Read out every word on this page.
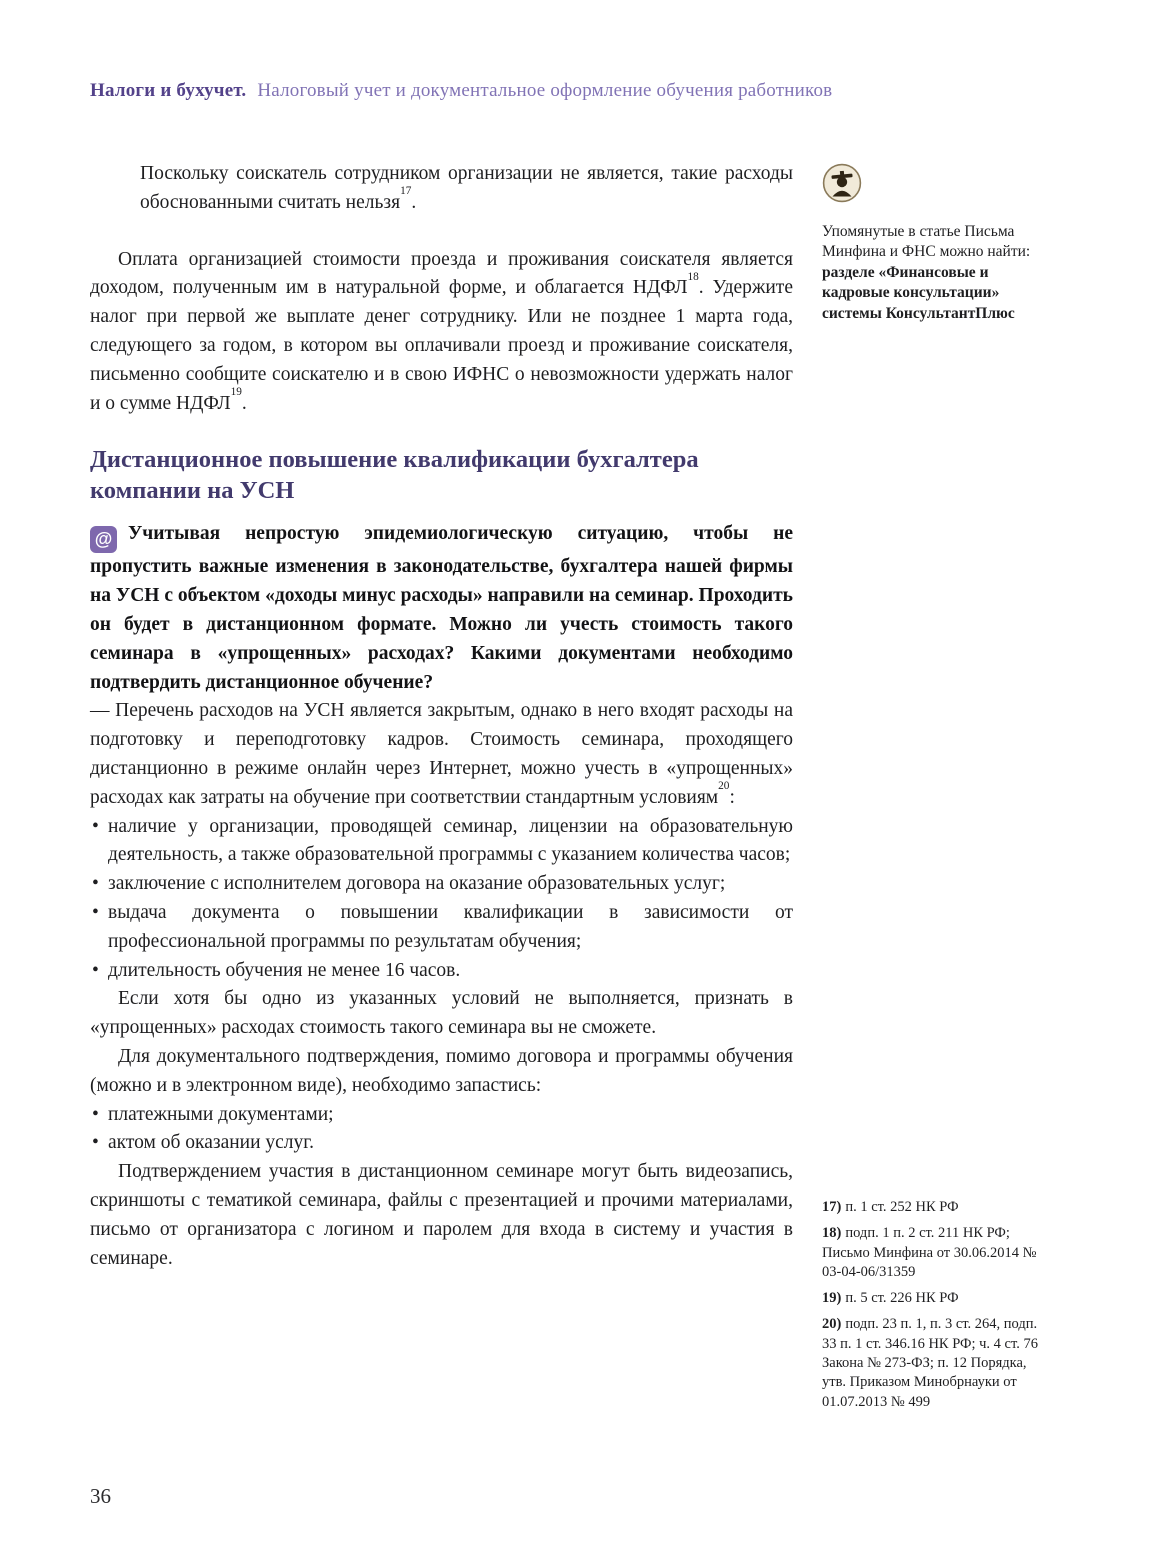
Налоги и бухучет. Налоговый учет и документальное оформление обучения работников

Поскольку соискатель сотрудником организации не является, такие расходы обоснованными считать нельзя$^{17}$.

Оплата организацией стоимости проезда и проживания соискателя является доходом, полученным им в натуральной форме, и облагается НДФЛ$^{18}$. Удержите налог при первой же выплате денег сотруднику. Или не позднее 1 марта года, следующего за годом, в котором вы оплачивали проезд и проживание соискателя, письменно сообщите соискателю и в свою ИФНС о невозможности удержать налог и о сумме НДФЛ$^{19}$.

Дистанционное повышение квалификации бухгалтера компании на УСН

@ Учитывая непростую эпидемиологическую ситуацию, чтобы не пропустить важные изменения в законодательстве, бухгалтера нашей фирмы на УСН с объектом «доходы минус расходы» направили на семинар. Проходить он будет в дистанционном формате. Можно ли учесть стоимость такого семинара в «упрощенных» расходах? Какими документами необходимо подтвердить дистанционное обучение?

— Перечень расходов на УСН является закрытым, однако в него входят расходы на подготовку и переподготовку кадров. Стоимость семинара, проходящего дистанционно в режиме онлайн через Интернет, можно учесть в «упрощенных» расходах как затраты на обучение при соответствии стандартным условиям$^{20}$:

• наличие у организации, проводящей семинар, лицензии на образовательную деятельность, а также образовательной программы с указанием количества часов;
• заключение с исполнителем договора на оказание образовательных услуг;
• выдача документа о повышении квалификации в зависимости от профессиональной программы по результатам обучения;
• длительность обучения не менее 16 часов.

Если хотя бы одно из указанных условий не выполняется, признать в «упрощенных» расходах стоимость такого семинара вы не сможете.

Для документального подтверждения, помимо договора и программы обучения (можно и в электронном виде), необходимо запастись:

• платежными документами;
• актом об оказании услуг.

Подтверждением участия в дистанционном семинаре могут быть видеозапись, скриншоты с тематикой семинара, файлы с презентацией и прочими материалами, письмо от организатора с логином и паролем для входа в систему и участия в семинаре.

Упомянутые в статье Письма Минфина и ФНС можно найти:
разделе «Финансовые и кадровые консультации» системы КонсультантПлюс

17) п. 1 ст. 252 НК РФ

18) подп. 1 п. 2 ст. 211 НК РФ; Письмо Минфина от 30.06.2014 № 03-04-06/31359

19) п. 5 ст. 226 НК РФ

20) подп. 23 п. 1, п. 3 ст. 264, подп. 33 п. 1 ст. 346.16 НК РФ; ч. 4 ст. 76 Закона № 273-ФЗ; п. 12 Порядка, утв. Приказом Минобрнауки от 01.07.2013 № 499

36
